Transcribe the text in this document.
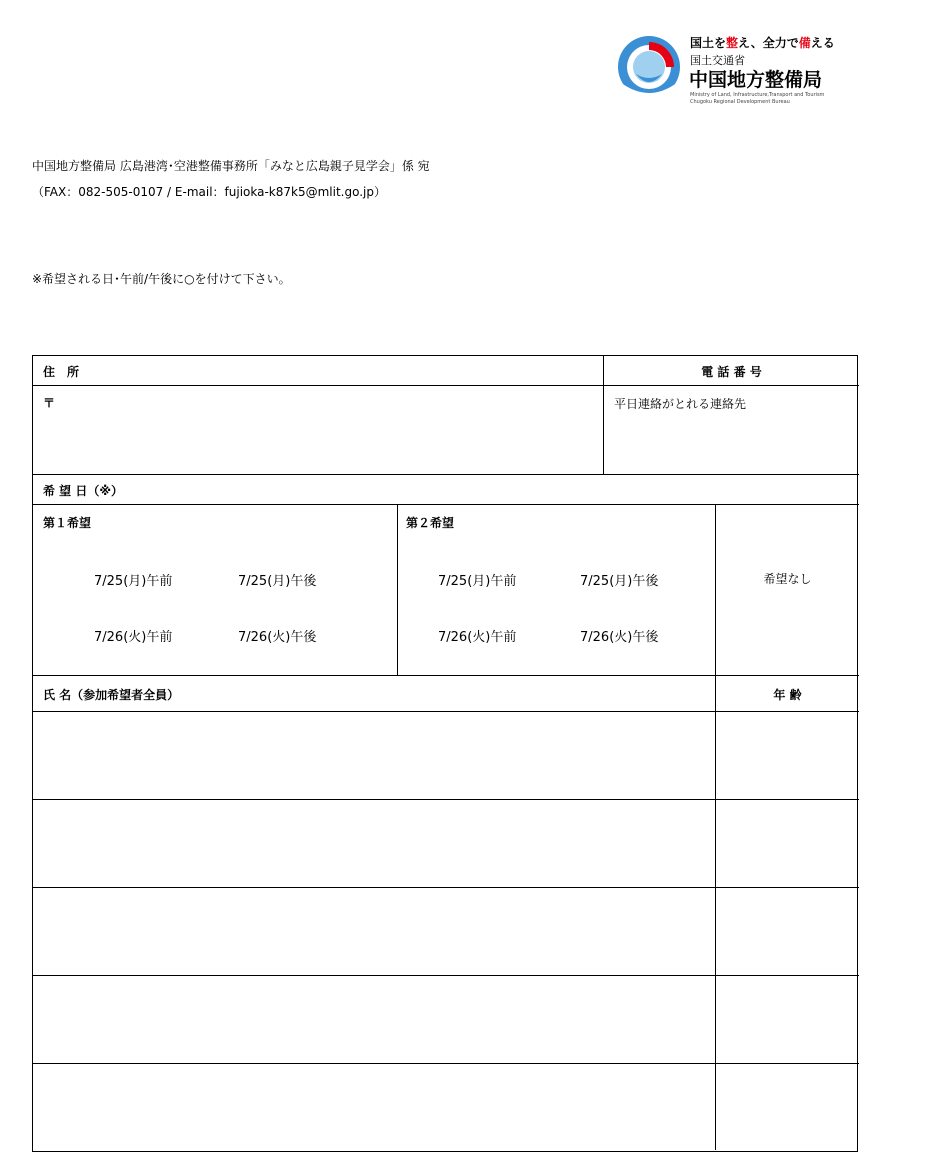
国土を整え、全力で備える
国土交通省
中国地方整備局
Ministry of Land, Infrastructure,Transport and Tourism
Chugoku Regional Development Bureau
中国地方整備局 広島港湾･空港整備事務所「みなと広島親子見学会」係 宛
（FAX：082-505-0107 / E-mail：fujioka-k87k5@mlit.go.jp）
※希望される日･午前/午後に○を付けて下さい。
住　所	電 話 番 号
〒	平日連絡がとれる連絡先
希 望 日（※）
第１希望
7/25(月)午前	7/25(月)午後
7/26(火)午前	7/26(火)午後
第２希望
7/25(月)午前	7/25(月)午後
7/26(火)午前	7/26(火)午後
希望なし
氏 名（参加希望者全員）	年 齢
